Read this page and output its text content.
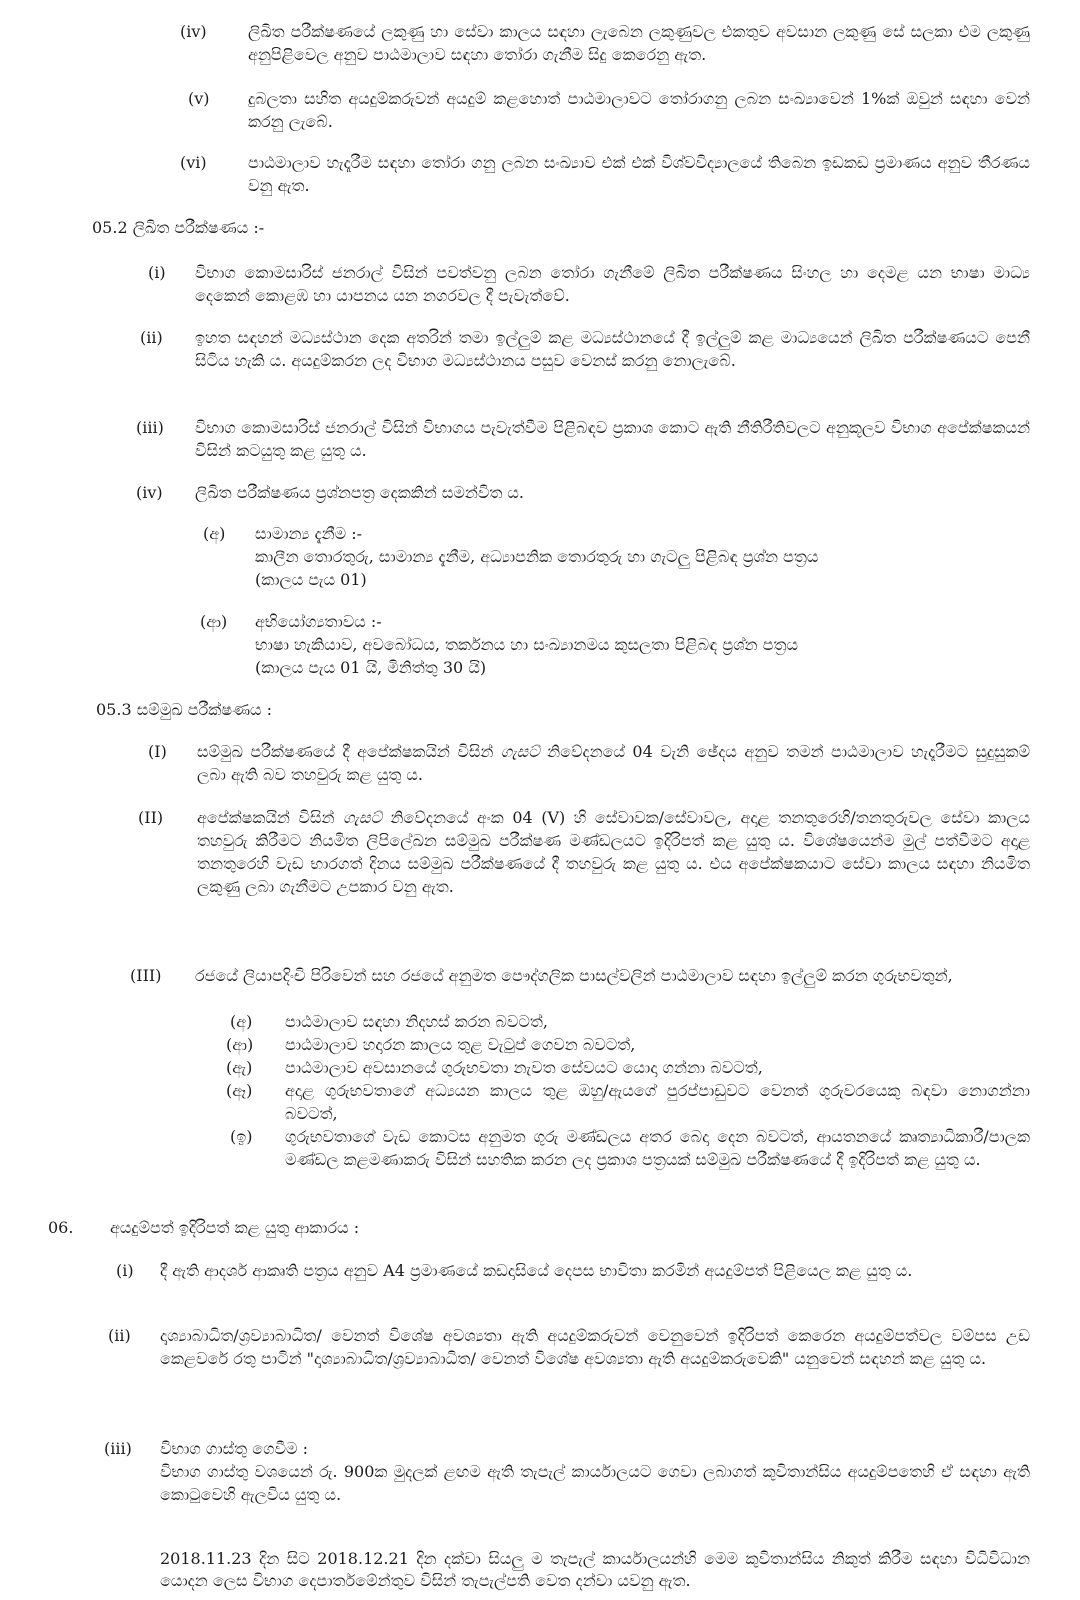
(iv)	ලිඛිත පරීක්ෂණයේ ලකුණු හා සේවා කාලය සඳහා ලැබෙන ලකුණුවල එකතුව අවසාන ලකුණු සේ සලකා එම ලකුණු අනුපිළිවෙල අනුව පාඨමාලාව සඳහා තෝරා ගැනීම සිදු කෙරෙනු ඇත.
(v) දුබලතා සහිත අයදුම්කරුවන් අයදුම් කළහොත් පාඨමාලාවට තෝරාගනු ලබන සංඛ්‍යාවෙන් 1%ක් ඔවුන් සඳහා වෙන් කරනු ලැබේ.
(vi)	පාඨමාලාව හැදෑරීම සඳහා තෝරා ගනු ලබන සංඛ්‍යාව එක් එක් විශ්වවිද්‍යාලයේ තිබෙන ඉඩකඩ ප්‍රමාණය අනුව තීරණය වනු ඇත.
05.2 ලිඛිත පරීක්ෂණය :-
(i) විභාග කොමසාරිස් ජනරාල් විසින් පවත්වනු ලබන තෝරා ගැනීමේ ලිඛිත පරීක්ෂණය සිංහල හා දෙමළ යන භාෂා මාධ්‍ය දෙකෙන් කොළඹ හා යාපනය යන නගරවල දී පැවැත්වේ.
(ii) ඉහත සඳහන් මධ්‍යස්ථාන දෙක අතරින් තමා ඉල්ලුම් කළ මධ්‍යස්ථානයේ දී ඉල්ලුම් කළ මාධ්‍යයෙන් ලිඛිත පරීක්ෂණයට පෙනී සිටිය හැකි ය. අයදුම්කරන ලද විභාග මධ්‍යස්ථානය පසුව වෙනස් කරනු නොලැබේ.
(iii) විභාග කොමසාරිස් ජනරාල් විසින් විභාගය පැවැත්වීම පිළිබඳව ප්‍රකාශ කොට ඇති නීතිරීතිවලට අනුකූලව විභාග අපේක්ෂකයන් විසින් කටයුතු කළ යුතු ය.
(iv) ලිඛිත පරීක්ෂණය ප්‍රශ්නපත්‍ර දෙකකින් සමන්විත ය.
(අ) සාමාන්‍ය දැනීම :-
කාලීන තොරතුරු, සාමාන්‍ය දැනීම, අධ්‍යාපනික තොරතුරු හා ගැටලු පිළිබඳ ප්‍රශ්න පත්‍රය
(කාලය පැය 01)
(ආ) අභියෝග්‍යතාවය :-
භාෂා හැකියාව, අවබෝධය, තර්කනය හා සංඛ්‍යානමය කුසලතා පිළිබඳ ප්‍රශ්න පත්‍රය
(කාලය පැය 01 යි, මිනිත්තු 30 යි)
05.3 සම්මුඛ පරීක්ෂණය :
(I) සම්මුඛ පරීක්ෂණයේ දී අපේක්ෂකයින් විසින් ගැසට් නිවේදනයේ 04 වැනි ඡේදය අනුව තමන් පාඨමාලාව හැදෑරීමට සුදුසුකම් ලබා ඇති බව තහවුරු කළ යුතු ය.
(II) අපේක්ෂකයින් විසින් ගැසට් නිවේදනයේ අංක 04 (V) හි සේවාවක/සේවාවල, අදාළ තනතුරෙහි/තනතුරුවල සේවා කාලය තහවුරු කිරීමට නියමිත ලිපිලේඛන සම්මුඛ පරීක්ෂණ මණ්ඩලයට ඉදිරිපත් කළ යුතු ය. විශේෂයෙන්ම මුල් පත්වීමට අදාළ තනතුරෙහි වැඩ භාරගත් දිනය සම්මුඛ පරීක්ෂණයේ දී තහවුරු කළ යුතු ය. එය අපේක්ෂකයාට සේවා කාලය සඳහා නියමිත ලකුණු ලබා ගැනීමට උපකාර වනු ඇත.
(III) රජයේ ලියාපදිංචි පිරිවෙන් සහ රජයේ අනුමත පෞද්ගලික පාසල්වලින් පාඨමාලාව සඳහා ඉල්ලුම් කරන ගුරුභවතුන්,
(අ) පාඨමාලාව සඳහා නිදහස් කරන බවටත්,
(ආ) පාඨමාලාව හදාරන කාලය තුළ වැටුප් ගෙවන බවටත්,
(ඇ) පාඨමාලාව අවසානයේ ගුරුභවතා නැවත සේවයට යොදා ගන්නා බවටත්,
(ඈ) අදාළ ගුරුභවතාගේ අධ්‍යයන කාලය තුළ ඔහු/ඇයගේ පුරප්පාඩුවට වෙනත් ගුරුවරයෙකු බඳවා නොගන්නා බවටත්,
(ඉ) ගුරුභවතාගේ වැඩ කොටස අනුමත ගුරු මණ්ඩලය අතර බෙදා දෙන බවටත්, ආයතනයේ කෘත්‍යාධිකාරී/පාලක මණ්ඩල කළමණාකරු විසින් සහතික කරන ලද ප්‍රකාශ පත්‍රයක් සම්මුඛ පරීක්ෂණයේ දී ඉදිරිපත් කළ යුතු ය.
06. අයදුම්පත් ඉදිරිපත් කළ යුතු ආකාරය :
(i) දී ඇති ආදර්ශ ආකෘති පත්‍රය අනුව A4 ප්‍රමාණයේ කඩදාසියේ දෙපස භාවිතා කරමින් අයදුම්පත් පිළියෙල කළ යුතු ය.
(ii) දෘශ්‍යාබාධිත/ශ්‍රව්‍යාබාධිත/ වෙනත් විශේෂ අවශ්‍යතා ඇති අයදුම්කරුවන් වෙනුවෙන් ඉදිරිපත් කෙරෙන අයදුම්පත්වල වම්පස උඩ කෙළවරේ රතු පාටින් "දෘශ්‍යාබාධිත/ශ්‍රව්‍යාබාධිත/ වෙනත් විශේෂ අවශ්‍යතා ඇති අයදුම්කරුවෙකි" යනුවෙන් සඳහන් කළ යුතු ය.
(iii) විභාග ගාස්තු ගෙවීම :
විභාග ගාස්තු වශයෙන් රු. 900ක මුදලක් ළඟම ඇති තැපැල් කාර්යාලයට ගෙවා ලබාගත් කුවිතාන්සිය අයදුම්පතෙහි ඒ සඳහා ඇති කොටුවෙහි ඇලවිය යුතු ය.
2018.11.23 දින සිට 2018.12.21 දින දක්වා සියලු ම තැපැල් කාර්යාලයන්හි මෙම කුවිතාන්සිය නිකුත් කිරීම සඳහා විධිවිධාන යොදන ලෙස විභාග දෙපාර්තමේන්තුව විසින් තැපැල්පති වෙත දන්වා යවනු ඇත.
